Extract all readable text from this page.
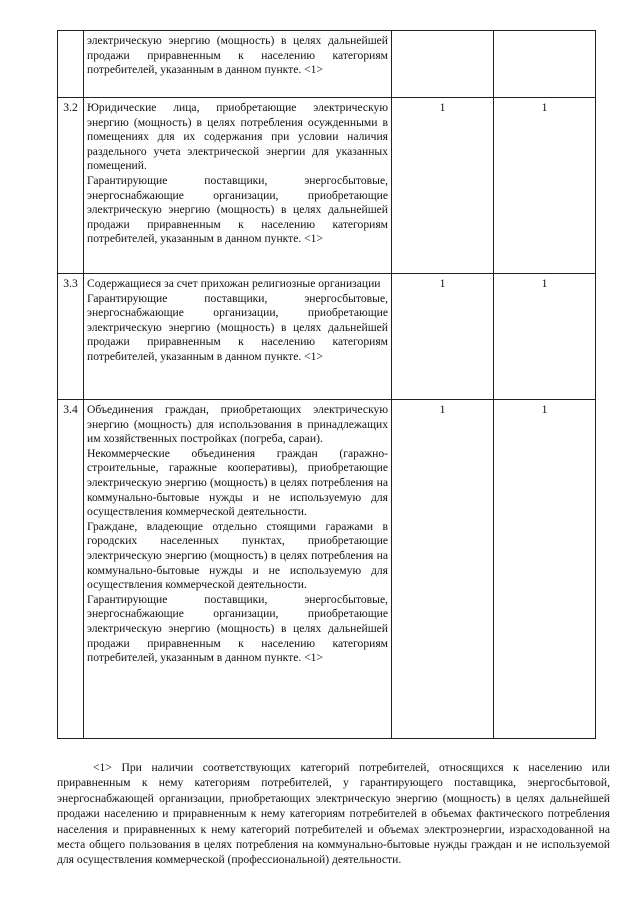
	электрическую энергию (мощность) в целях дальнейшей продажи приравненным к населению категориям потребителей, указанным в данном пункте. <1>		

3.2	Юридические лица, приобретающие электрическую энергию (мощность) в целях потребления осужденными в помещениях для их содержания при условии наличия раздельного учета электрической энергии для указанных помещений.

Гарантирующие поставщики, энергосбытовые, энергоснабжающие организации, приобретающие электрическую энергию (мощность) в целях дальнейшей продажи приравненным к населению категориям потребителей, указанным в данном пункте. <1>	1	1
3.3	Содержащиеся за счет прихожан религиозные организации

Гарантирующие поставщики, энергосбытовые, энергоснабжающие организации, приобретающие электрическую энергию (мощность) в целях дальнейшей продажи приравненным к населению категориям потребителей, указанным в данном пункте. <1>	1	1
3.4	Объединения граждан, приобретающих электрическую энергию (мощность) для использования в принадлежащих им хозяйственных постройках (погреба, сараи).

Некоммерческие объединения граждан (гаражно-строительные, гаражные кооперативы), приобретающие электрическую энергию (мощность) в целях потребления на коммунально-бытовые нужды и не используемую для осуществления коммерческой деятельности.

Граждане, владеющие отдельно стоящими гаражами в городских населенных пунктах, приобретающие электрическую энергию (мощность) в целях потребления на коммунально-бытовые нужды и не используемую для осуществления коммерческой деятельности.

Гарантирующие поставщики, энергосбытовые, энергоснабжающие организации, приобретающие электрическую энергию (мощность) в целях дальнейшей продажи приравненным к населению категориям потребителей, указанным в данном пункте. <1>	1	1

<1> При наличии соответствующих категорий потребителей, относящихся к населению или приравненным к нему категориям потребителей, у гарантирующего поставщика, энергосбытовой, энергоснабжающей организации, приобретающих электрическую энергию (мощность) в целях дальнейшей продажи населению и приравненным к нему категориям потребителей в объемах фактического потребления населения и приравненных к нему категорий потребителей и объемах электроэнергии, израсходованной на места общего пользования в целях потребления на коммунально-бытовые нужды граждан и не используемой для осуществления коммерческой (профессиональной) деятельности.
